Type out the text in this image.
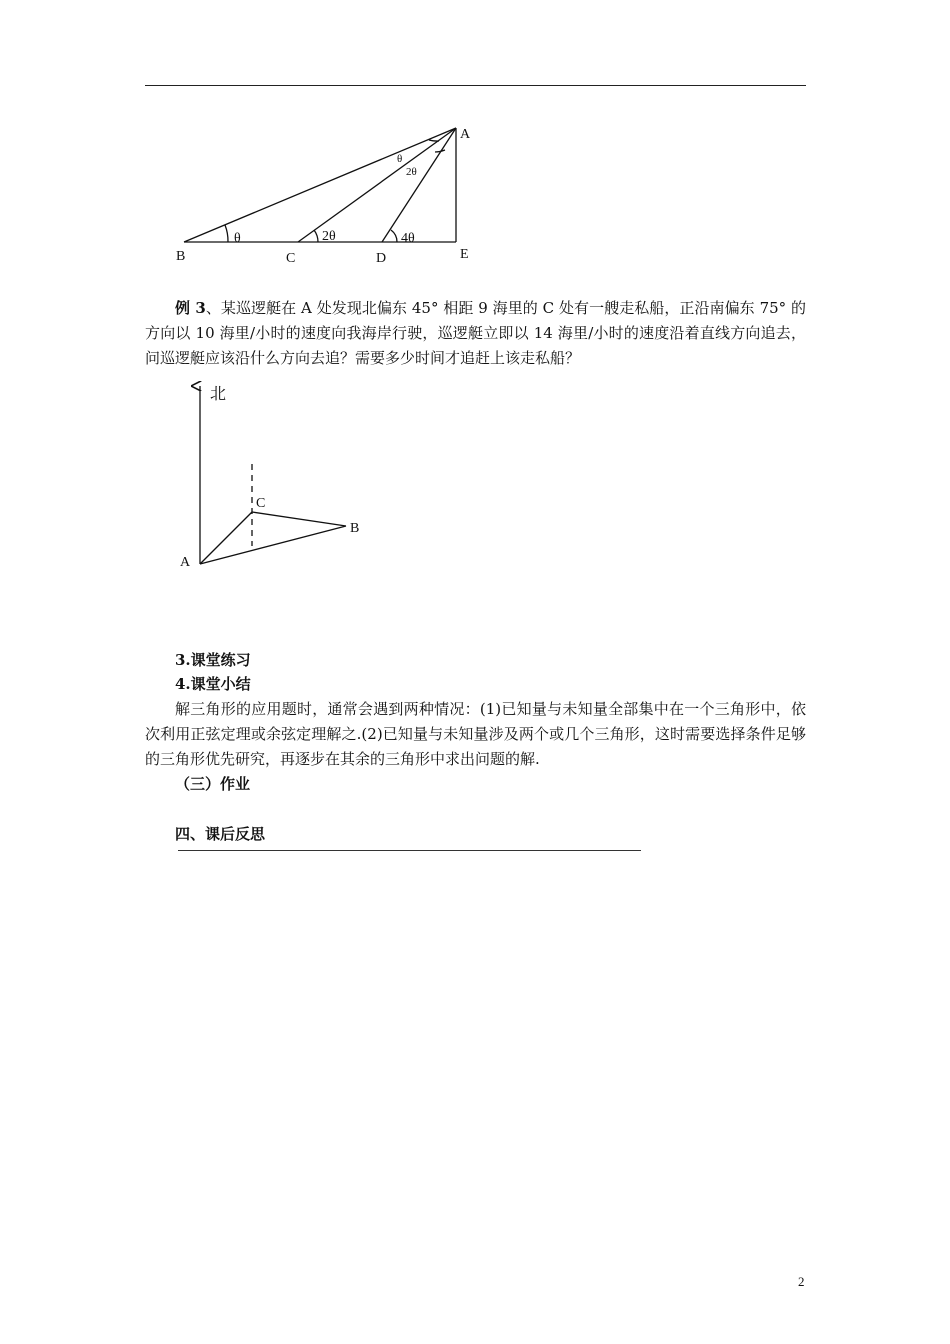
A
B	C	D	E
θ	2θ	4θ
θ
2θ

例 3、某巡逻艇在 A 处发现北偏东 45° 相距 9 海里的 C 处有一艘走私船，正沿南偏东 75° 的方向以 10 海里/小时的速度向我海岸行驶，巡逻艇立即以 14 海里/小时的速度沿着直线方向追去，问巡逻艇应该沿什么方向去追？需要多少时间才追赶上该走私船？

北
C
B
A
3.课堂练习
4.课堂小结

解三角形的应用题时，通常会遇到两种情况：(1)已知量与未知量全部集中在一个三角形中，依次利用正弦定理或余弦定理解之.(2)已知量与未知量涉及两个或几个三角形，这时需要选择条件足够的三角形优先研究，再逐步在其余的三角形中求出问题的解.

（三）作业
四、课后反思
2
